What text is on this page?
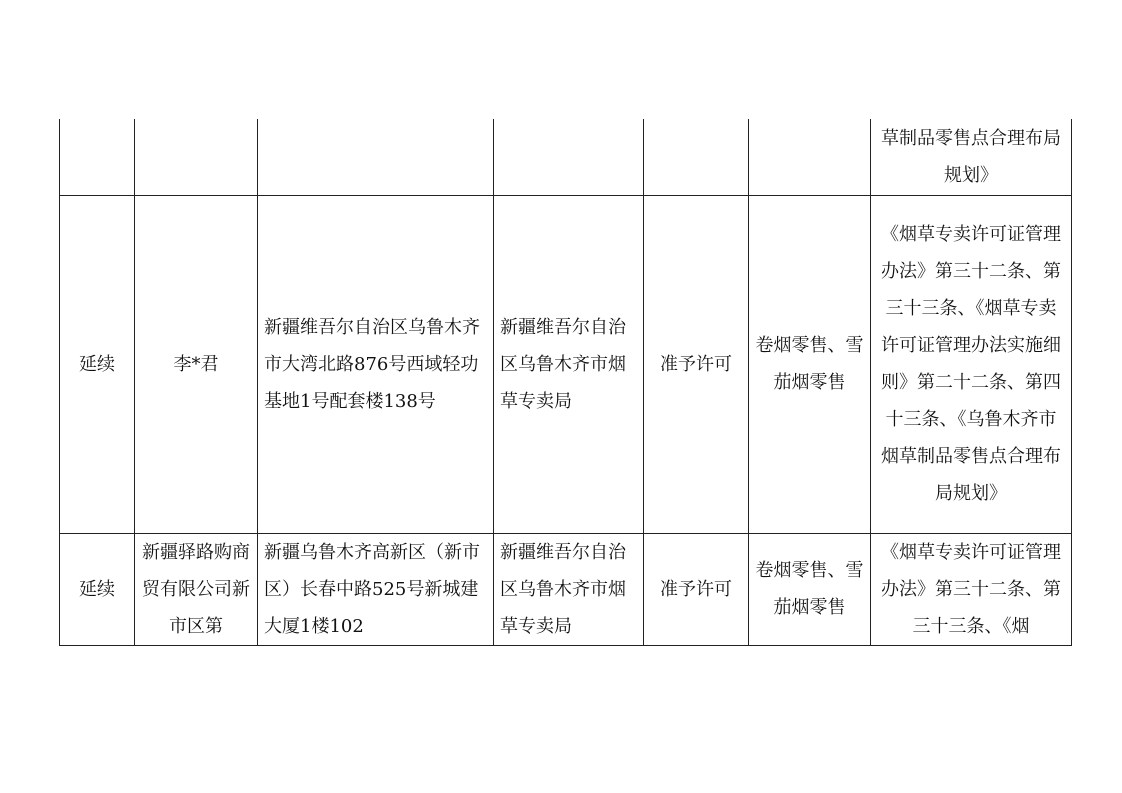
						草制品零售点合理布局规划》
延续	李*君	新疆维吾尔自治区乌鲁木齐市大湾北路876号西域轻功基地1号配套楼138号	新疆维吾尔自治区乌鲁木齐市烟草专卖局	准予许可	卷烟零售、雪茄烟零售	《烟草专卖许可证管理办法》第三十二条、第三十三条、《烟草专卖许可证管理办法实施细则》第二十二条、第四十三条、《乌鲁木齐市烟草制品零售点合理布局规划》
延续	新疆驿路购商贸有限公司新市区第	新疆乌鲁木齐高新区（新市区）长春中路525号新城建大厦1楼102	新疆维吾尔自治区乌鲁木齐市烟草专卖局	准予许可	卷烟零售、雪茄烟零售	《烟草专卖许可证管理办法》第三十二条、第三十三条、《烟
